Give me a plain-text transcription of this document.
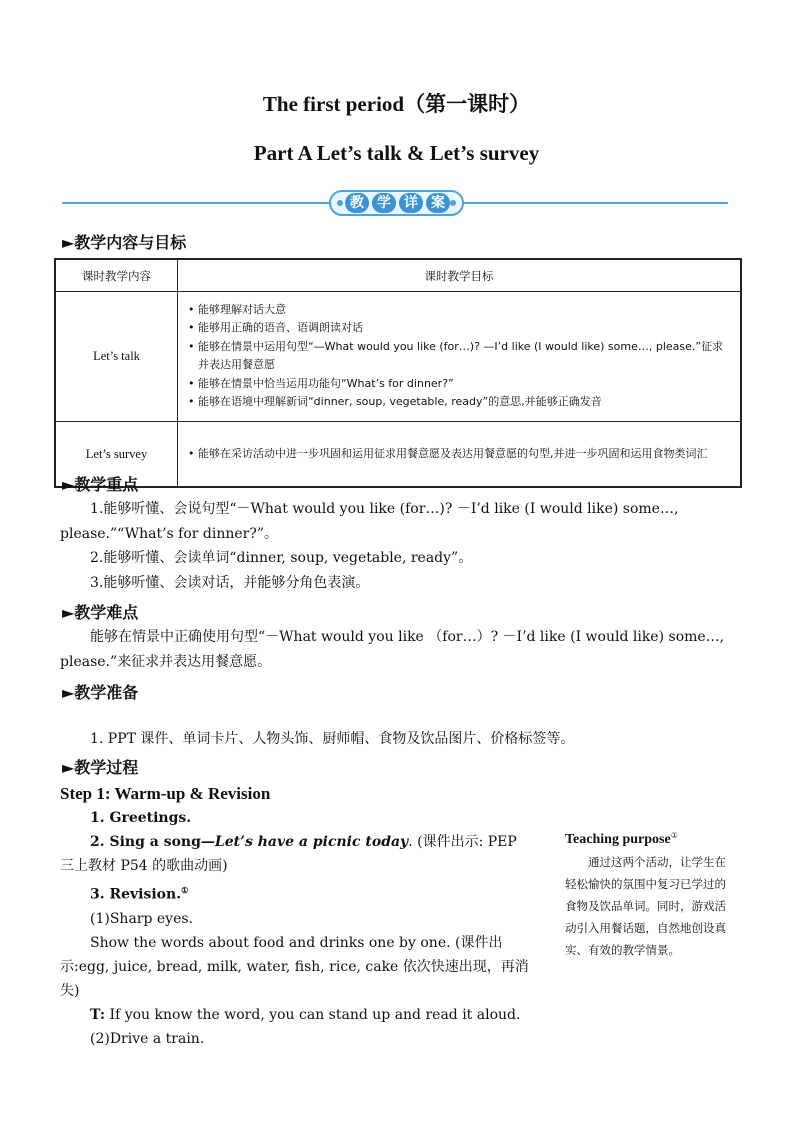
The first period（第一课时）
Part A Let’s talk & Let’s survey
教 学 详 案
►教学内容与目标
课时教学内容	课时教学目标
Let’s talk	• 能够理解对话大意
• 能够用正确的语音、语调朗读对话
• 能够在情景中运用句型“—What would you like (for…)? —I’d like (I would like) some…, please.”征求并表达用餐意愿
• 能够在情景中恰当运用功能句“What’s for dinner?”
• 能够在语境中理解新词“dinner, soup, vegetable, ready”的意思,并能够正确发音

Let’s survey	• 能够在采访活动中进一步巩固和运用征求用餐意愿及表达用餐意愿的句型,并进一步巩固和运用食物类词汇
►教学重点
1.能够听懂、会说句型“－What would you like (for…)? －I’d like (I would like) some…, please.”“What’s for dinner?”。
2.能够听懂、会读单词“dinner, soup, vegetable, ready”。
3.能够听懂、会读对话，并能够分角色表演。
►教学难点
能够在情景中正确使用句型“－What would you like （for…）? －I’d like (I would like) some…, please.”来征求并表达用餐意愿。
►教学准备
1. PPT 课件、单词卡片、人物头饰、厨师帽、食物及饮品图片、价格标签等。
►教学过程
Step 1: Warm-up & Revision

1. Greetings.

2. Sing a song—Let’s have a picnic today. (课件出示: PEP 三上教材 P54 的歌曲动画)

3. Revision.①

(1)Sharp eyes.

Show the words about food and drinks one by one. (课件出示:egg, juice, bread, milk, water, fish, rice, cake 依次快速出现，再消失)

T: If you know the word, you can stand up and read it aloud.

(2)Drive a train.

Teaching purpose①
通过这两个活动，让学生在轻松愉快的氛围中复习已学过的食物及饮品单词。同时，游戏活动引入用餐话题，自然地创设真实、有效的教学情景。
